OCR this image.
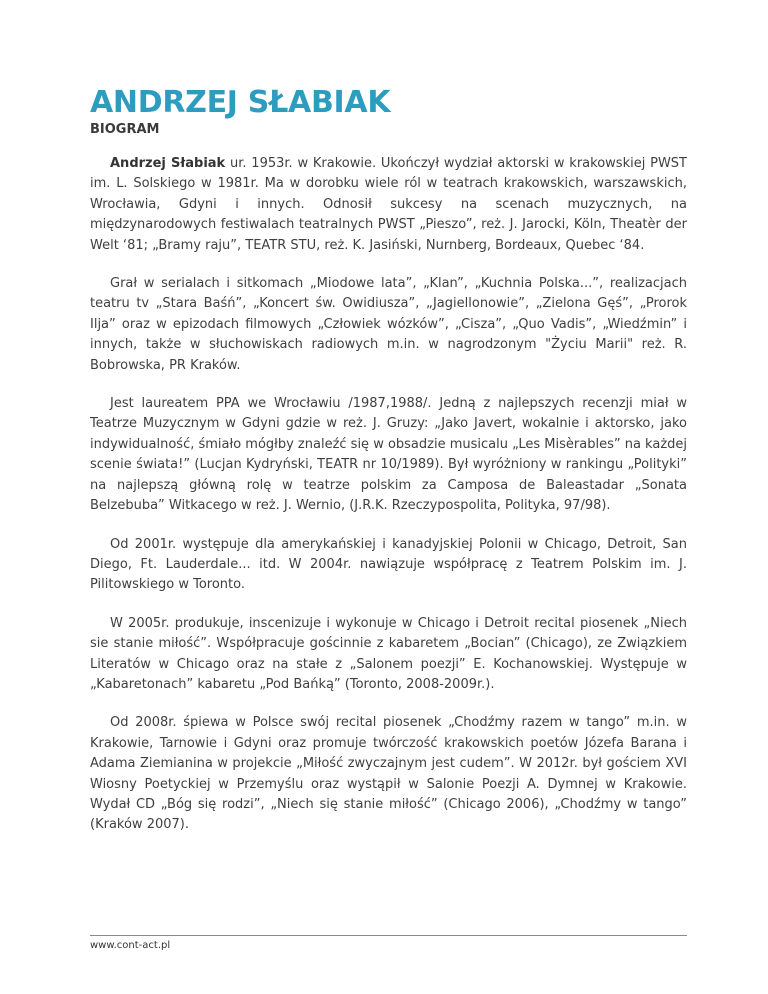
ANDRZEJ SŁABIAK
BIOGRAM

Andrzej Słabiak ur. 1953r. w Krakowie. Ukończył wydział aktorski w krakowskiej PWST im. L. Solskiego w 1981r. Ma w dorobku wiele ról w teatrach krakowskich, warszawskich, Wrocławia, Gdyni i innych. Odnosił sukcesy na scenach muzycznych, na międzynarodowych festiwalach teatralnych PWST „Pieszo”, reż. J. Jarocki, Köln, Theatèr der Welt ‘81; „Bramy raju”, TEATR STU, reż. K. Jasiński, Nurnberg, Bordeaux, Quebec ‘84.

Grał w serialach i sitkomach „Miodowe lata”, „Klan”, „Kuchnia Polska...”, realizacjach teatru tv „Stara Baśń”, „Koncert św. Owidiusza”, „Jagiellonowie”, „Zielona Gęś”, „Prorok Ilja” oraz w epizodach filmowych „Człowiek wózków”, „Cisza”, „Quo Vadis”, „Wiedźmin” i innych, także w słuchowiskach radiowych m.in. w nagrodzonym "Życiu Marii" reż. R. Bobrowska, PR Kraków.

Jest laureatem PPA we Wrocławiu /1987,1988/. Jedną z najlepszych recenzji miał w Teatrze Muzycznym w Gdyni gdzie w reż. J. Gruzy: „Jako Javert, wokalnie i aktorsko, jako indywidualność, śmiało mógłby znaleźć się w obsadzie musicalu „Les Misèrables” na każdej scenie świata!” (Lucjan Kydryński, TEATR nr 10/1989). Był wyróżniony w rankingu „Polityki” na najlepszą główną rolę w teatrze polskim za Camposa de Baleastadar „Sonata Belzebuba” Witkacego w reż. J. Wernio, (J.R.K. Rzeczypospolita, Polityka, 97/98).

Od 2001r. występuje dla amerykańskiej i kanadyjskiej Polonii w Chicago, Detroit, San Diego, Ft. Lauderdale... itd. W 2004r. nawiązuje współpracę z Teatrem Polskim im. J. Pilitowskiego w Toronto.

W 2005r. produkuje, inscenizuje i wykonuje w Chicago i Detroit recital piosenek „Niech sie stanie miłość”. Współpracuje gościnnie z kabaretem „Bocian” (Chicago), ze Związkiem Literatów w Chicago oraz na stałe z „Salonem poezji” E. Kochanowskiej. Występuje w „Kabaretonach” kabaretu „Pod Bańką” (Toronto, 2008-2009r.).

Od 2008r. śpiewa w Polsce swój recital piosenek „Chodźmy razem w tango” m.in. w Krakowie, Tarnowie i Gdyni oraz promuje twórczość krakowskich poetów Józefa Barana i Adama Ziemianina w projekcie „Miłość zwyczajnym jest cudem”. W 2012r. był gościem XVI Wiosny Poetyckiej w Przemyślu oraz wystąpił w Salonie Poezji A. Dymnej w Krakowie. Wydał CD „Bóg się rodzi”, „Niech się stanie miłość” (Chicago 2006), „Chodźmy w tango” (Kraków 2007).

www.cont-act.pl
